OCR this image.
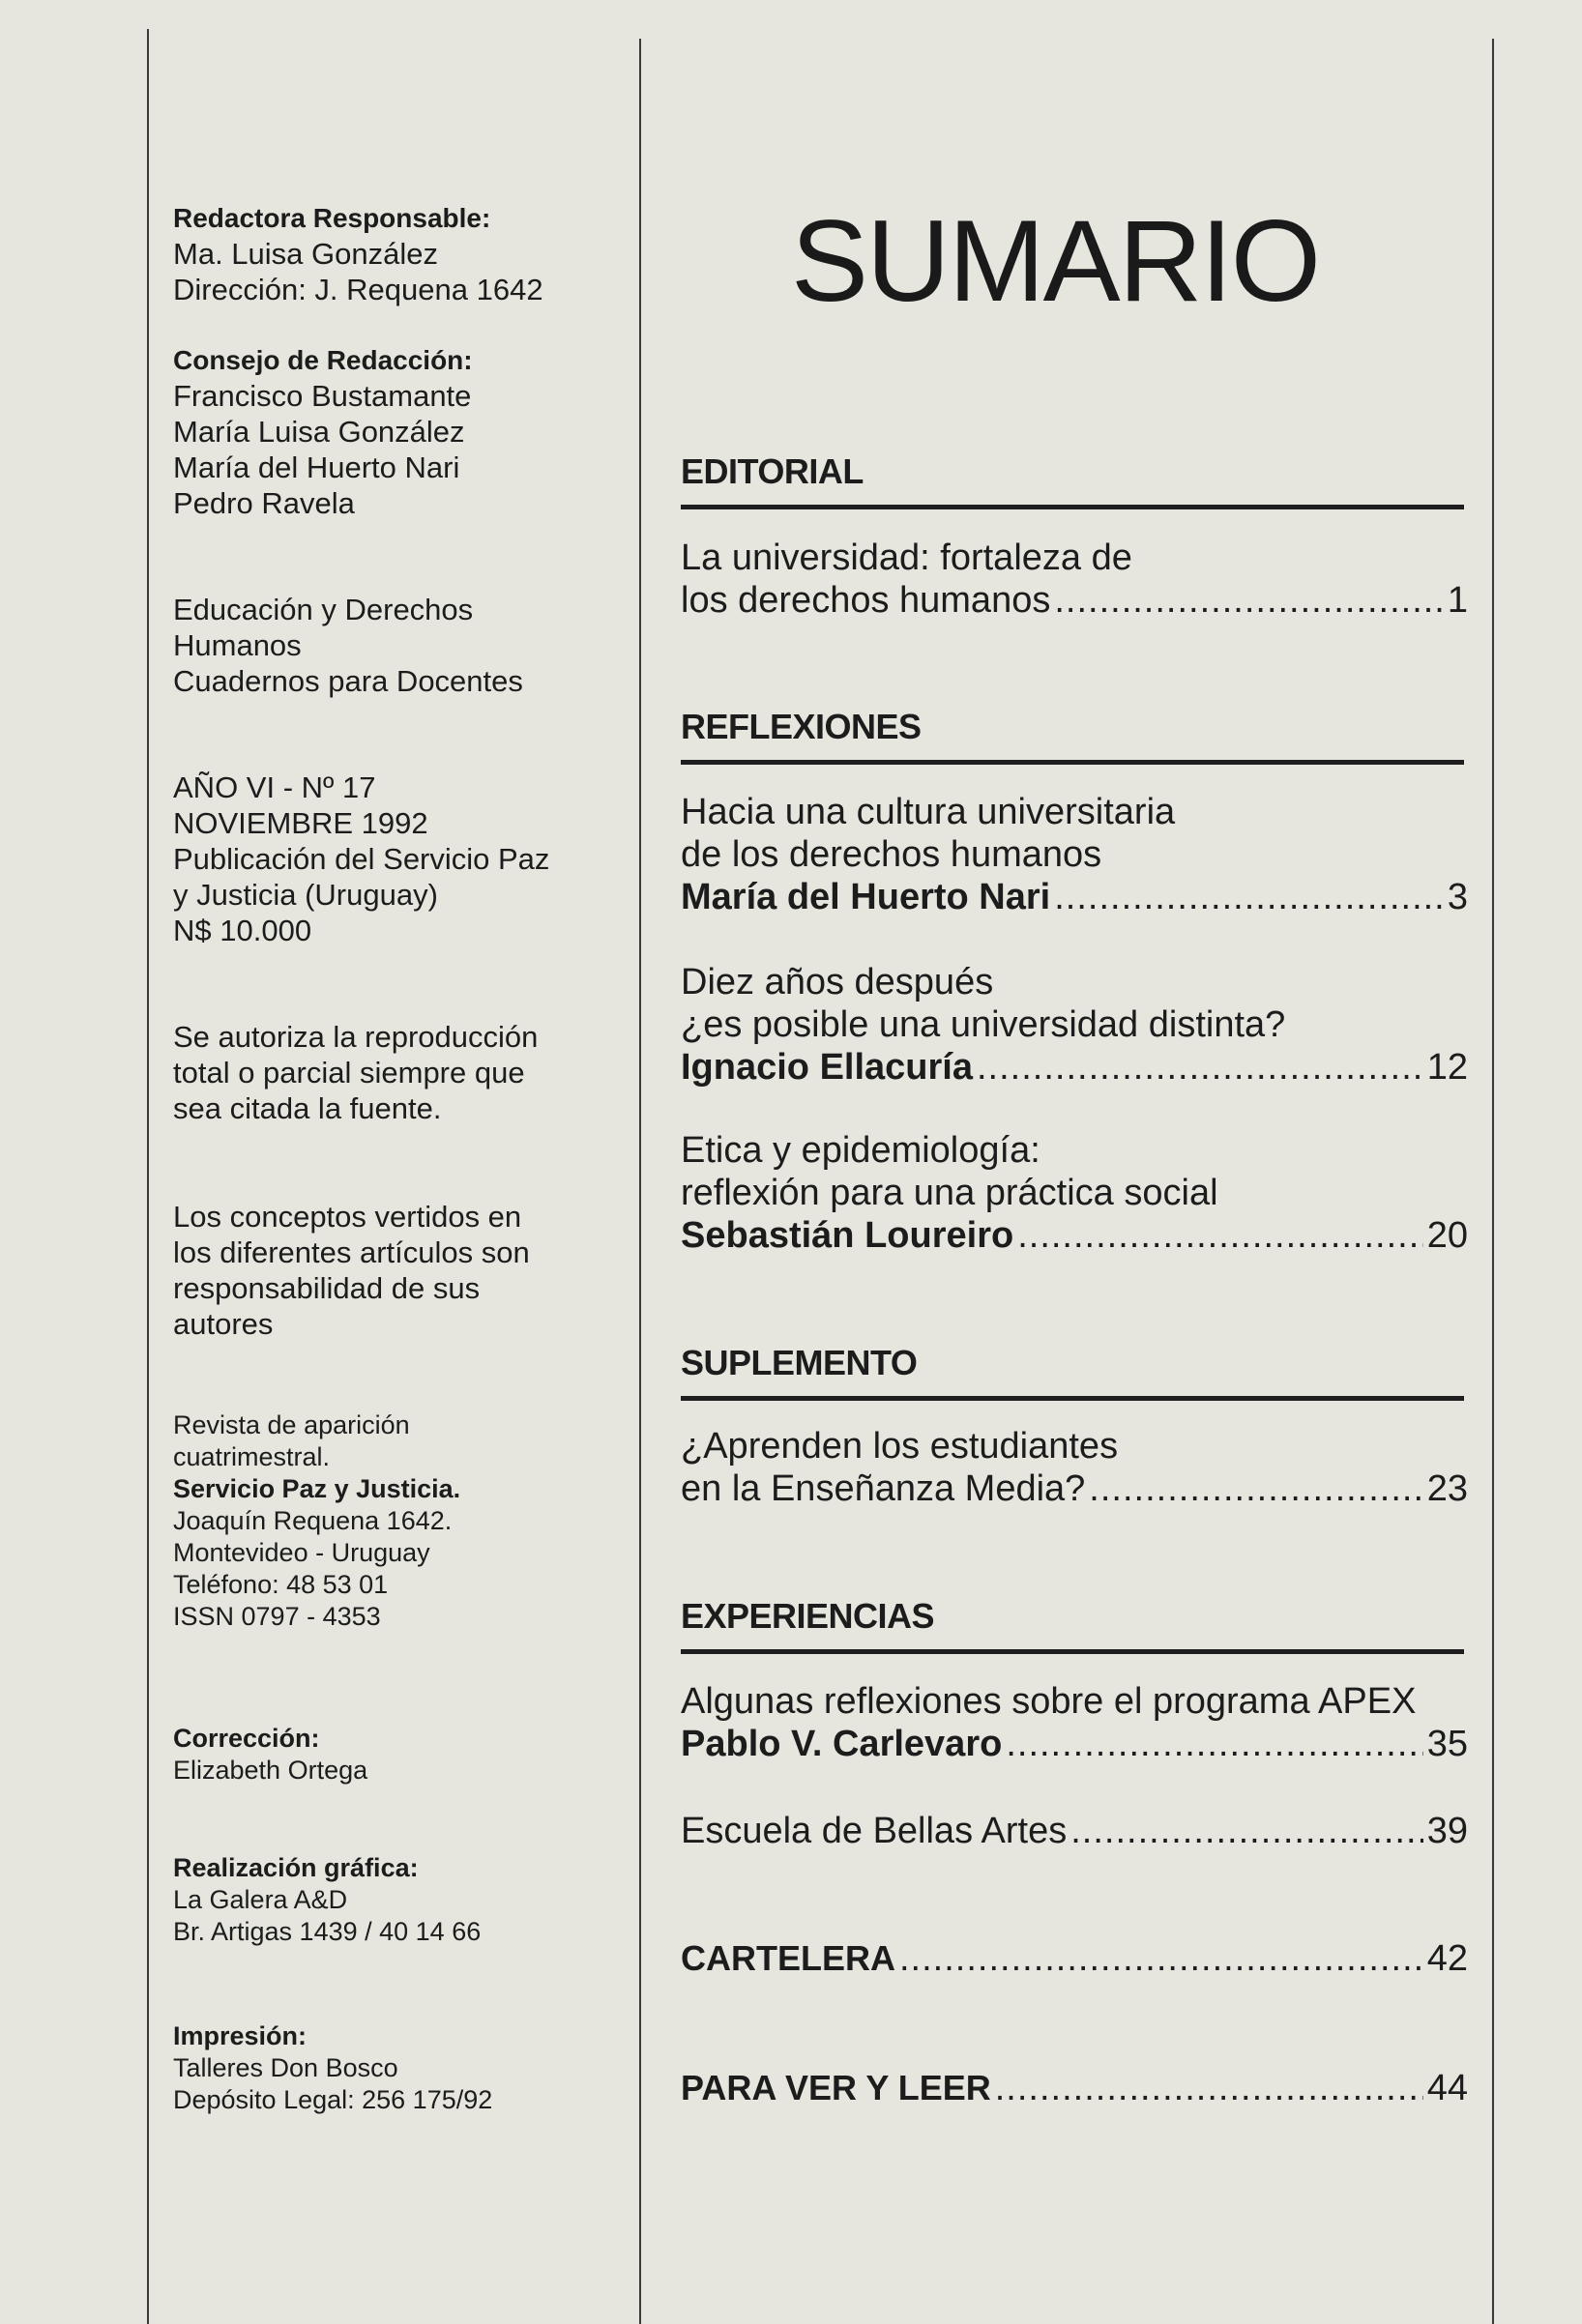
Redactora Responsable:
Ma. Luisa González
Dirección: J. Requena 1642
Consejo de Redacción:
Francisco Bustamante
María Luisa González
María del Huerto Nari
Pedro Ravela
Educación y Derechos
Humanos
Cuadernos para Docentes
AÑO VI - Nº 17
NOVIEMBRE 1992
Publicación del Servicio Paz
y Justicia (Uruguay)
N$ 10.000
Se autoriza la reproducción
total o parcial siempre que
sea citada la fuente.
Los conceptos vertidos en
los diferentes artículos son
responsabilidad de sus
autores
Revista de aparición
cuatrimestral.
Servicio Paz y Justicia.
Joaquín Requena 1642.
Montevideo - Uruguay
Teléfono: 48 53 01
ISSN 0797 - 4353
Corrección:
Elizabeth Ortega
Realización gráfica:
La Galera A&D
Br. Artigas 1439 / 40 14 66
Impresión:
Talleres Don Bosco
Depósito Legal: 256 175/92
SUMARIO
EDITORIAL
La universidad: fortaleza de
los derechos humanos .....	1
REFLEXIONES
Hacia una cultura universitaria
de los derechos humanos
María del Huerto Nari .....	3
Diez años después
¿es posible una universidad distinta?
Ignacio Ellacuría .....	12
Etica y epidemiología:
reflexión para una práctica social
Sebastián Loureiro .....	20
SUPLEMENTO
¿Aprenden los estudiantes
en la Enseñanza Media? .....	23
EXPERIENCIAS
Algunas reflexiones sobre el programa APEX
Pablo V. Carlevaro .....	35
Escuela de Bellas Artes .....	39
CARTELERA .....	42
PARA VER Y LEER .....	44
